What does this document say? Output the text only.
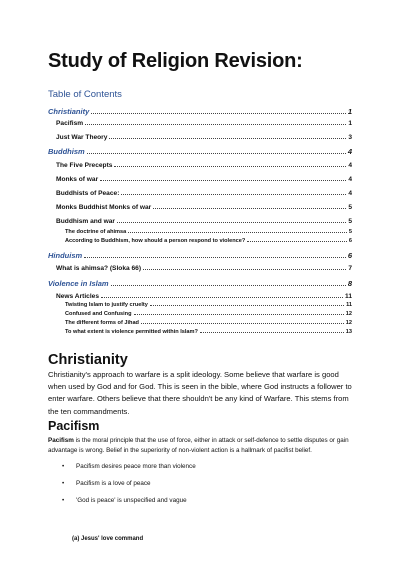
Study of Religion Revision:
Table of Contents
Christianity	1
Pacifism	1
Just War Theory	3
Buddhism	4
The Five Precepts	4
Monks of war	4
Buddhists of Peace:	4
Monks Buddhist Monks of war	5
Buddhism and war	5
The doctrine of ahimsa	5
According to Buddhism, how should a person respond to violence?	6
Hinduism	6
What is ahimsa? (Sloka 66)	7
Violence in Islam	8
News Articles	11
Twisting Islam to justify cruelty	11
Confused and Confusing	12
The different forms of Jihad	12
To what extent is violence permitted within Islam?	13
Christianity
Christianity's approach to warfare is a split ideology. Some believe that warfare is good when used by God and for God. This is seen in the bible, where God instructs a follower to enter warfare. Others believe that there shouldn't be any kind of Warfare. This stems from the ten commandments.
Pacifism
Pacifism is the moral principle that the use of force, either in attack or self-defence to settle disputes or gain advantage is wrong. Belief in the superiority of non-violent action is a hallmark of pacifist belief.
• Pacifism desires peace more than violence
• Pacifism is a love of peace
• 'God is peace' is unspecified and vague
(a) Jesus' love command
